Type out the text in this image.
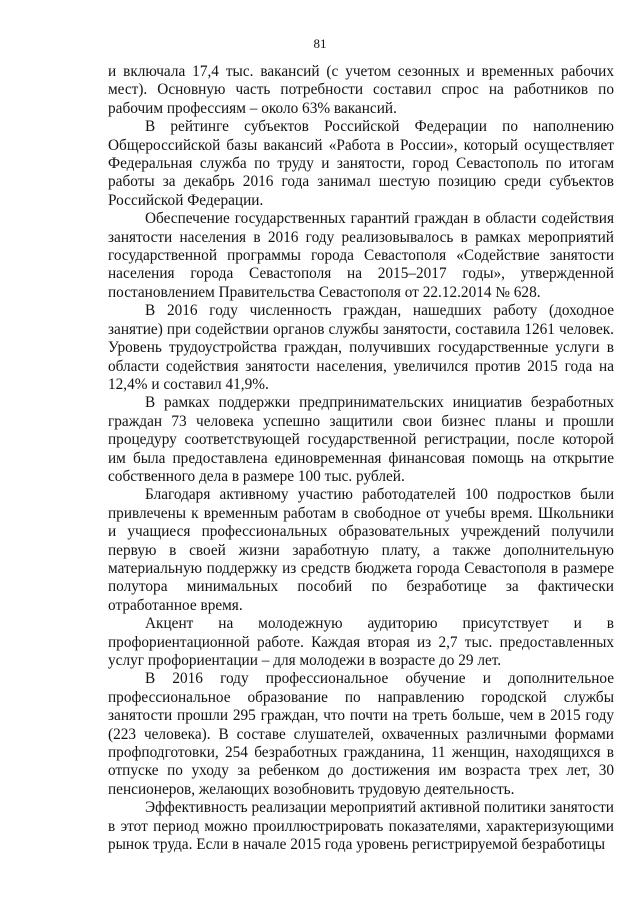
81

и включала 17,4 тыс. вакансий (с учетом сезонных и временных рабочих мест). Основную часть потребности составил спрос на работников по рабочим профессиям – около 63% вакансий.

В рейтинге субъектов Российской Федерации по наполнению Общероссийской базы вакансий «Работа в России», который осуществляет Федеральная служба по труду и занятости, город Севастополь по итогам работы за декабрь 2016 года занимал шестую позицию среди субъектов Российской Федерации.

Обеспечение государственных гарантий граждан в области содействия занятости населения в 2016 году реализовывалось в рамках мероприятий государственной программы города Севастополя «Содействие занятости населения города Севастополя на 2015–2017 годы», утвержденной постановлением Правительства Севастополя от 22.12.2014 № 628.

В 2016 году численность граждан, нашедших работу (доходное занятие) при содействии органов службы занятости, составила 1261 человек. Уровень трудоустройства граждан, получивших государственные услуги в области содействия занятости населения, увеличился против 2015 года на 12,4% и составил 41,9%.

В рамках поддержки предпринимательских инициатив безработных граждан 73 человека успешно защитили свои бизнес планы и прошли процедуру соответствующей государственной регистрации, после которой им была предоставлена единовременная финансовая помощь на открытие собственного дела в размере 100 тыс. рублей.

Благодаря активному участию работодателей 100 подростков были привлечены к временным работам в свободное от учебы время. Школьники и учащиеся профессиональных образовательных учреждений получили первую в своей жизни заработную плату, а также дополнительную материальную поддержку из средств бюджета города Севастополя в размере полутора минимальных пособий по безработице за фактически отработанное время.

Акцент на молодежную аудиторию присутствует и в профориентационной работе. Каждая вторая из 2,7 тыс. предоставленных услуг профориентации – для молодежи в возрасте до 29 лет.

В 2016 году профессиональное обучение и дополнительное профессиональное образование по направлению городской службы занятости прошли 295 граждан, что почти на треть больше, чем в 2015 году (223 человека). В составе слушателей, охваченных различными формами профподготовки, 254 безработных гражданина, 11 женщин, находящихся в отпуске по уходу за ребенком до достижения им возраста трех лет, 30 пенсионеров, желающих возобновить трудовую деятельность.

Эффективность реализации мероприятий активной политики занятости в этот период можно проиллюстрировать показателями, характеризующими рынок труда. Если в начале 2015 года уровень регистрируемой безработицы
